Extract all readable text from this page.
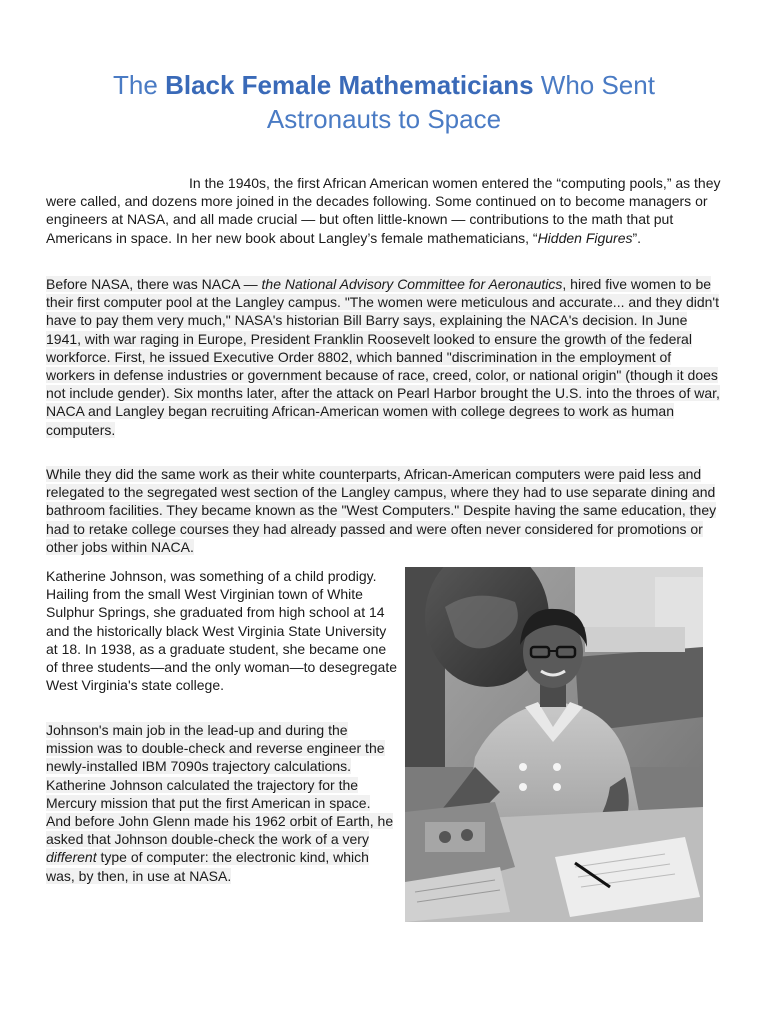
The Black Female Mathematicians Who Sent Astronauts to Space

In the 1940s, the first African American women entered the “computing pools,” as they were called, and dozens more joined in the decades following. Some continued on to become managers or engineers at NASA, and all made crucial — but often little-known — contributions to the math that put Americans in space. In her new book about Langley’s female mathematicians, “Hidden Figures”.

Before NASA, there was NACA — the National Advisory Committee for Aeronautics, hired five women to be their first computer pool at the Langley campus. "The women were meticulous and accurate... and they didn't have to pay them very much," NASA's historian Bill Barry says, explaining the NACA's decision. In June 1941, with war raging in Europe, President Franklin Roosevelt looked to ensure the growth of the federal workforce. First, he issued Executive Order 8802, which banned "discrimination in the employment of workers in defense industries or government because of race, creed, color, or national origin" (though it does not include gender). Six months later, after the attack on Pearl Harbor brought the U.S. into the throes of war, NACA and Langley began recruiting African-American women with college degrees to work as human computers.

While they did the same work as their white counterparts, African-American computers were paid less and relegated to the segregated west section of the Langley campus, where they had to use separate dining and bathroom facilities. They became known as the "West Computers." Despite having the same education, they had to retake college courses they had already passed and were often never considered for promotions or other jobs within NACA.

Katherine Johnson, was something of a child prodigy. Hailing from the small West Virginian town of White Sulphur Springs, she graduated from high school at 14 and the historically black West Virginia State University at 18. In 1938, as a graduate student, she became one of three students—and the only woman—to desegregate West Virginia's state college.

Johnson's main job in the lead-up and during the mission was to double-check and reverse engineer the newly-installed IBM 7090s trajectory calculations. Katherine Johnson calculated the trajectory for the Mercury mission that put the first American in space. And before John Glenn made his 1962 orbit of Earth, he asked that Johnson double-check the work of a very different type of computer: the electronic kind, which was, by then, in use at NASA.
